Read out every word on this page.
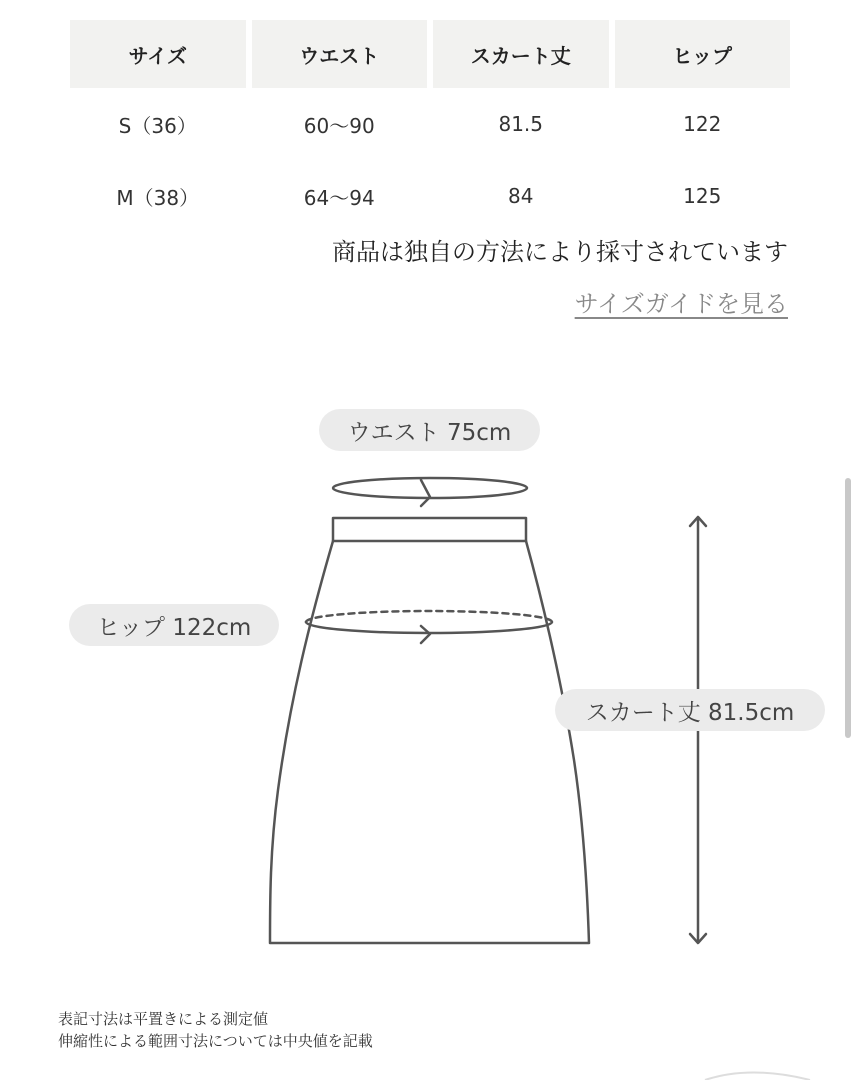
サイズ	ウエスト	スカート丈	ヒップ
S（36）	60〜90	81.5	122
M（38）	64〜94	84	125
商品は独自の方法により採寸されています
サイズガイドを見る
ウエスト 75cm
ヒップ 122cm
スカート丈 81.5cm
表記寸法は平置きによる測定値
伸縮性による範囲寸法については中央値を記載
